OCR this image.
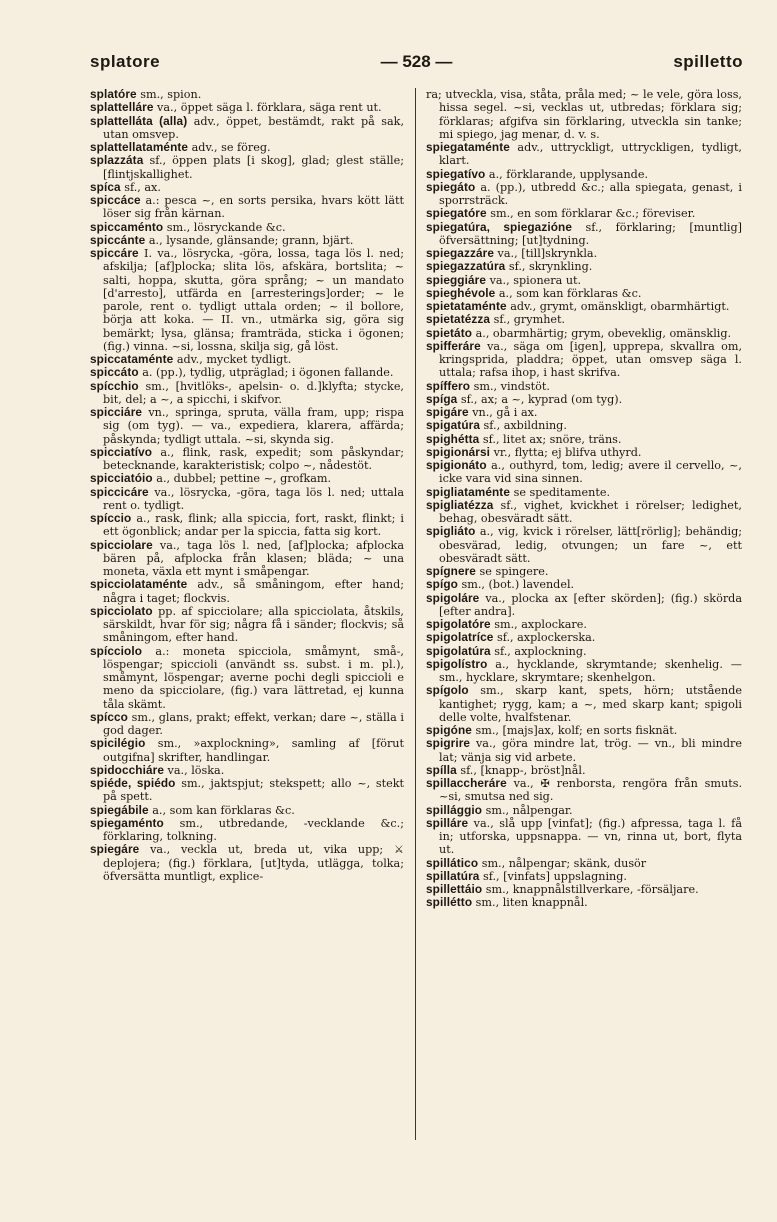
splatore	— 528 —	spilletto

splatóre sm., spion.

splattelláre va., öppet säga l. förklara, säga rent ut.

splattelláta (alla) adv., öppet, bestämdt, rakt på sak, utan omsvep.

splattellataménte adv., se föreg.

splazzáta sf., öppen plats [i skog], glad; glest ställe; [flintjskallighet.

spíca sf., ax.

spiccáce a.: pesca ~, en sorts persika, hvars kött lätt löser sig från kärnan.

spiccaménto sm., lösryckande &c.

spiccánte a., lysande, glänsande; grann, bjärt.

spiccáre I. va., lösrycka, -göra, lossa, taga lös l. ned; afskilja; [af]plocka; slita lös, afskära, bortslita; ~ salti, hoppa, skutta, göra språng; ~ un mandato [d'arresto], utfärda en [arresterings]order; ~ le parole, rent o. tydligt uttala orden; ~ il bollore, börja att koka. — II. vn., utmärka sig, göra sig bemärkt; lysa, glänsa; framträda, sticka i ögonen; (fig.) vinna. ~si, lossna, skilja sig, gå löst.

spiccataménte adv., mycket tydligt.

spiccáto a. (pp.), tydlig, utpräglad; i ögonen fallande.

spícchio sm., [hvitlöks-, apelsin- o. d.]klyfta; stycke, bit, del; a ~, a spicchi, i skifvor.

spicciáre vn., springa, spruta, välla fram, upp; rispa sig (om tyg). — va., expediera, klarera, affärda; påskynda; tydligt uttala. ~si, skynda sig.

spicciatívo a., flink, rask, expedit; som påskyndar; betecknande, karakteristisk; colpo ~, nådestöt.

spicciatóio a., dubbel; pettine ~, grofkam.

spiccicáre va., lösrycka, -göra, taga lös l. ned; uttala rent o. tydligt.

spíccio a., rask, flink; alla spiccia, fort, raskt, flinkt; i ett ögonblick; andar per la spiccia, fatta sig kort.

spicciolare va., taga lös l. ned, [af]plocka; afplocka bären på, afplocka från klasen; bläda; ~ una moneta, växla ett mynt i småpengar.

spicciolataménte adv., så småningom, efter hand; några i taget; flockvis.

spicciolato pp. af spicciolare; alla spicciolata, åtskils, särskildt, hvar för sig; några få i sänder; flockvis; så småningom, efter hand.

spícciolo a.: moneta spicciola, småmynt, små-, löspengar; spiccioli (användt ss. subst. i m. pl.), småmynt, löspengar; averne pochi degli spiccioli e meno da spicciolare, (fig.) vara lättretad, ej kunna tåla skämt.

spícco sm., glans, prakt; effekt, verkan; dare ~, ställa i god dager.

spicilégio sm., »axplockning», samling af [förut outgifna] skrifter, handlingar.

spidocchiáre va., löska.

spiéde, spiédo sm., jaktspjut; stekspett; allo ~, stekt på spett.

spiegábile a., som kan förklaras &c.

spiegaménto sm., utbredande, -vecklande &c.; förklaring, tolkning.

spiegáre va., veckla ut, breda ut, vika upp; ⚔ deplojera; (fig.) förklara, [ut]tyda, utlägga, tolka; öfversätta muntligt, explice-

ra; utveckla, visa, ståta, pråla med; ~ le vele, göra loss, hissa segel. ~si, vecklas ut, utbredas; förklara sig; förklaras; afgifva sin förklaring, utveckla sin tanke; mi spiego, jag menar, d. v. s.

spiegataménte adv., uttryckligt, uttryckligen, tydligt, klart.

spiegatívo a., förklarande, upplysande.

spiegáto a. (pp.), utbredd &c.; alla spiegata, genast, i sporrsträck.

spiegatóre sm., en som förklarar &c.; föreviser.

spiegatúra, spiegazióne sf., förklaring; [muntlig] öfversättning; [ut]tydning.

spiegazzáre va., [till]skrynkla.

spiegazzatúra sf., skrynkling.

spieggiáre va., spionera ut.

spieghévole a., som kan förklaras &c.

spietataménte adv., grymt, omänskligt, obarmhärtigt.

spietatézza sf., grymhet.

spietáto a., obarmhärtig; grym, obeveklig, omänsklig.

spifferáre va., säga om [igen], upprepa, skvallra om, kringsprida, pladdra; öppet, utan omsvep säga l. uttala; rafsa ihop, i hast skrifva.

spíffero sm., vindstöt.

spíga sf., ax; a ~, kyprad (om tyg).

spigáre vn., gå i ax.

spigatúra sf., axbildning.

spighétta sf., litet ax; snöre, träns.

spigionársi vr., flytta; ej blifva uthyrd.

spigionáto a., outhyrd, tom, ledig; avere il cervello, ~, icke vara vid sina sinnen.

spigliataménte se speditamente.

spigliatézza sf., vighet, kvickhet i rörelser; ledighet, behag, obesväradt sätt.

spigliáto a., vig, kvick i rörelser, lätt[rörlig]; behändig; obesvärad, ledig, otvungen; un fare ~, ett obesväradt sätt.

spígnere se spingere.

spígo sm., (bot.) lavendel.

spigoláre va., plocka ax [efter skörden]; (fig.) skörda [efter andra].

spigolatóre sm., axplockare.

spigolatríce sf., axplockerska.

spigolatúra sf., axplockning.

spigolístro a., hycklande, skrymtande; skenhelig. — sm., hycklare, skrymtare; skenhelgon.

spígolo sm., skarp kant, spets, hörn; utstående kantighet; rygg, kam; a ~, med skarp kant; spigoli delle volte, hvalfstenar.

spigóne sm., [majs]ax, kolf; en sorts fisknät.

spigrire va., göra mindre lat, trög. — vn., bli mindre lat; vänja sig vid arbete.

spílla sf., [knapp-, bröst]nål.

spillaccheráre va., ✠ renborsta, rengöra från smuts. ~si, smutsa ned sig.

spillággio sm., nålpengar.

spilláre va., slå upp [vinfat]; (fig.) afpressa, taga l. få in; utforska, uppsnappa. — vn, rinna ut, bort, flyta ut.

spillático sm., nålpengar; skänk, dusör

spillatúra sf., [vinfats] uppslagning.

spillettáio sm., knappnålstillverkare, -försäljare.

spillétto sm., liten knappnål.
